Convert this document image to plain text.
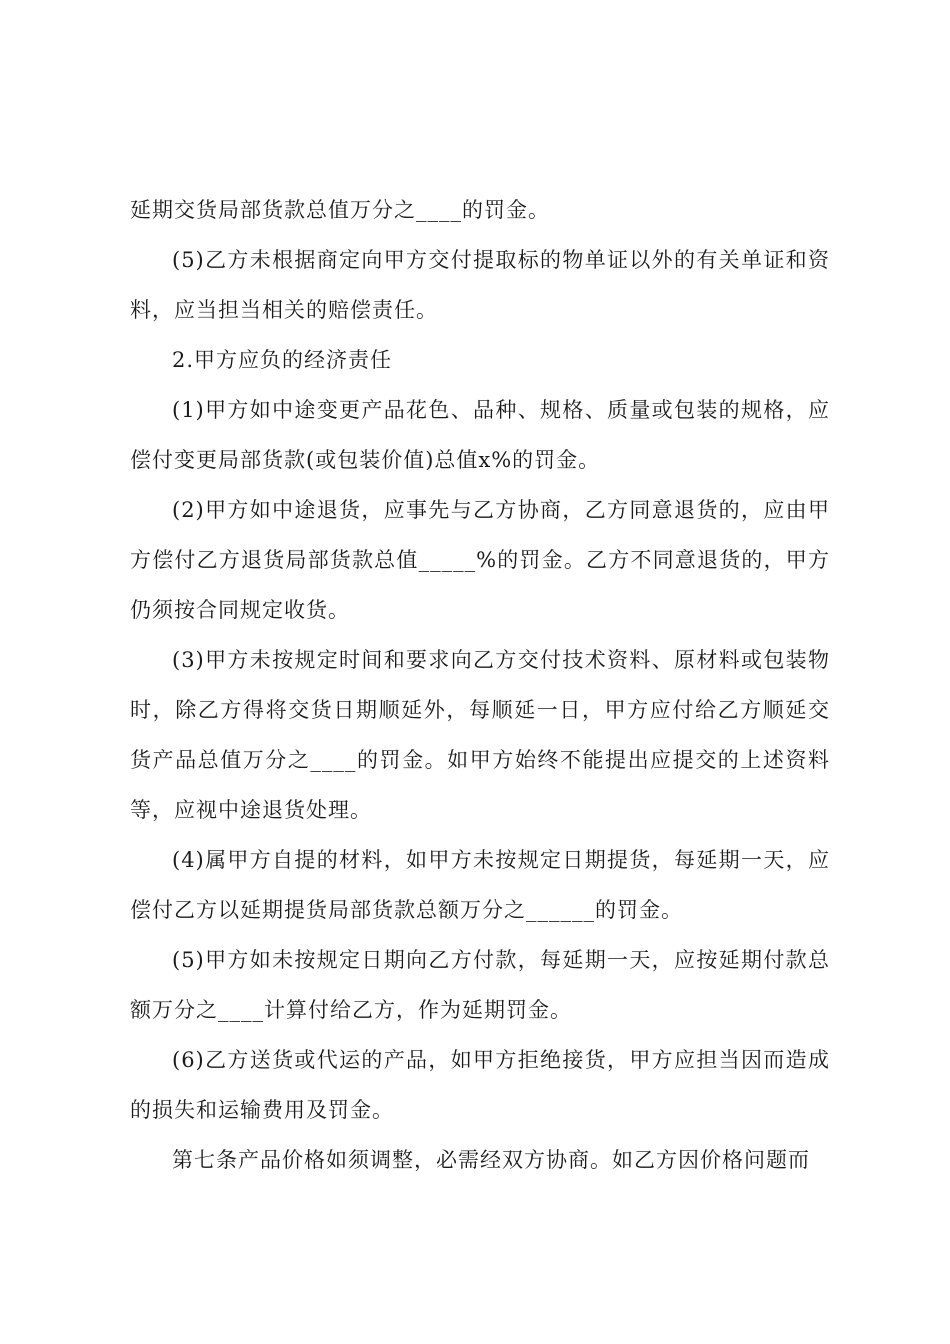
延期交货局部货款总值万分之____的罚金。

(5)乙方未根据商定向甲方交付提取标的物单证以外的有关单证和资料，应当担当相关的赔偿责任。

2.甲方应负的经济责任

(1)甲方如中途变更产品花色、品种、规格、质量或包装的规格，应偿付变更局部货款(或包装价值)总值x%的罚金。

(2)甲方如中途退货，应事先与乙方协商，乙方同意退货的，应由甲方偿付乙方退货局部货款总值_____%的罚金。乙方不同意退货的，甲方仍须按合同规定收货。

(3)甲方未按规定时间和要求向乙方交付技术资料、原材料或包装物时，除乙方得将交货日期顺延外，每顺延一日，甲方应付给乙方顺延交货产品总值万分之____的罚金。如甲方始终不能提出应提交的上述资料等，应视中途退货处理。

(4)属甲方自提的材料，如甲方未按规定日期提货，每延期一天，应偿付乙方以延期提货局部货款总额万分之______的罚金。

(5)甲方如未按规定日期向乙方付款，每延期一天，应按延期付款总额万分之____计算付给乙方，作为延期罚金。

(6)乙方送货或代运的产品，如甲方拒绝接货，甲方应担当因而造成的损失和运输费用及罚金。

第七条产品价格如须调整，必需经双方协商。如乙方因价格问题而
